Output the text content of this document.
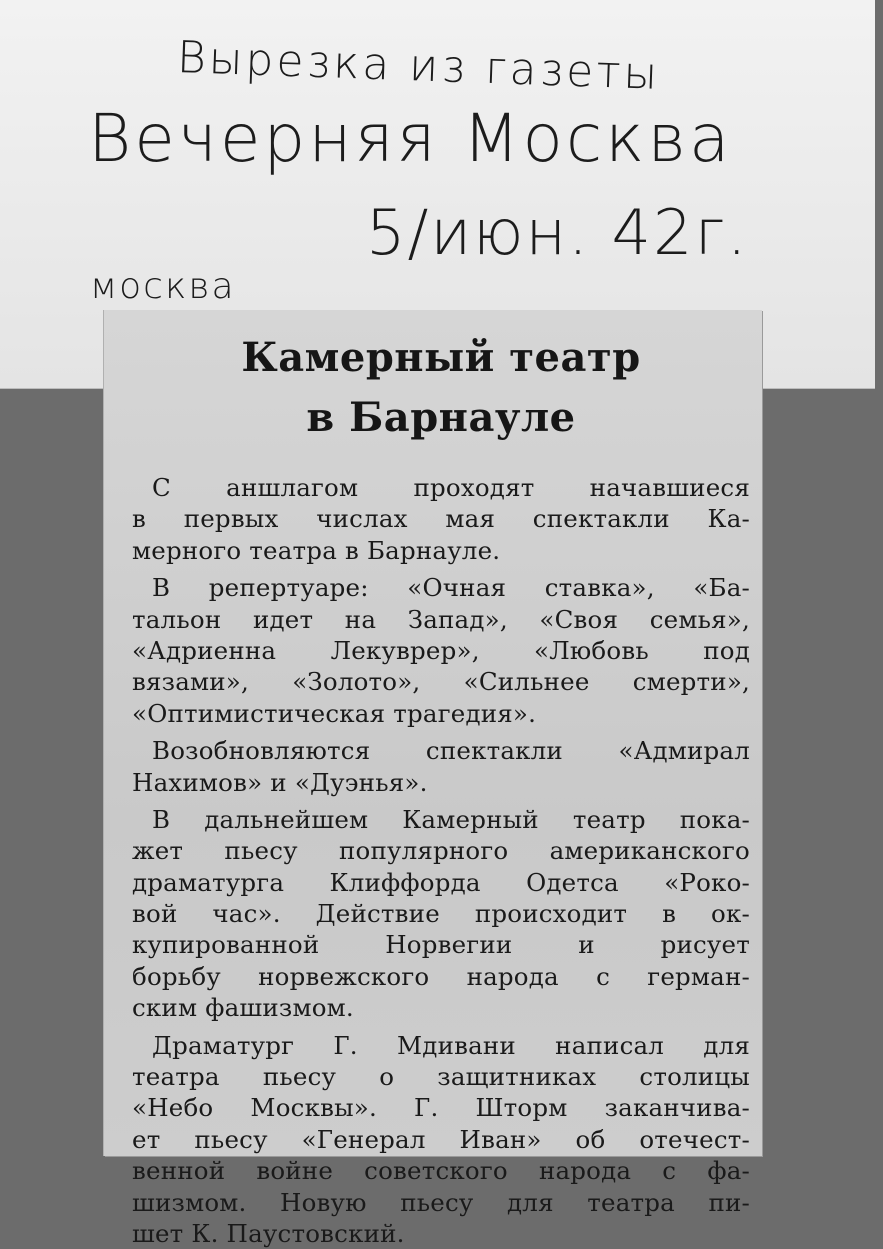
Вырезка из газеты
Вечерняя Москва
5/июн. 42г.
москва
Камерный театр
в Барнауле
С аншлагом проходят начавшиеся
в первых числах мая спектакли Ка-
мерного театра в Барнауле.
В репертуаре: «Очная ставка», «Ба-
тальон идет на Запад», «Своя семья»,
«Адриенна Лекуврер», «Любовь под
вязами», «Золото», «Сильнее смерти»,
«Оптимистическая трагедия».
Возобновляются спектакли «Адмирал
Нахимов» и «Дуэнья».
В дальнейшем Камерный театр пока-
жет пьесу популярного американского
драматурга Клиффорда Одетса «Роко-
вой час». Действие происходит в ок-
купированной Норвегии и рисует
борьбу норвежского народа с герман-
ским фашизмом.
Драматург Г. Мдивани написал для
театра пьесу о защитниках столицы
«Небо Москвы». Г. Шторм заканчива-
ет пьесу «Генерал Иван» об отечест-
венной войне советского народа с фа-
шизмом. Новую пьесу для театра пи-
шет К. Паустовский.
